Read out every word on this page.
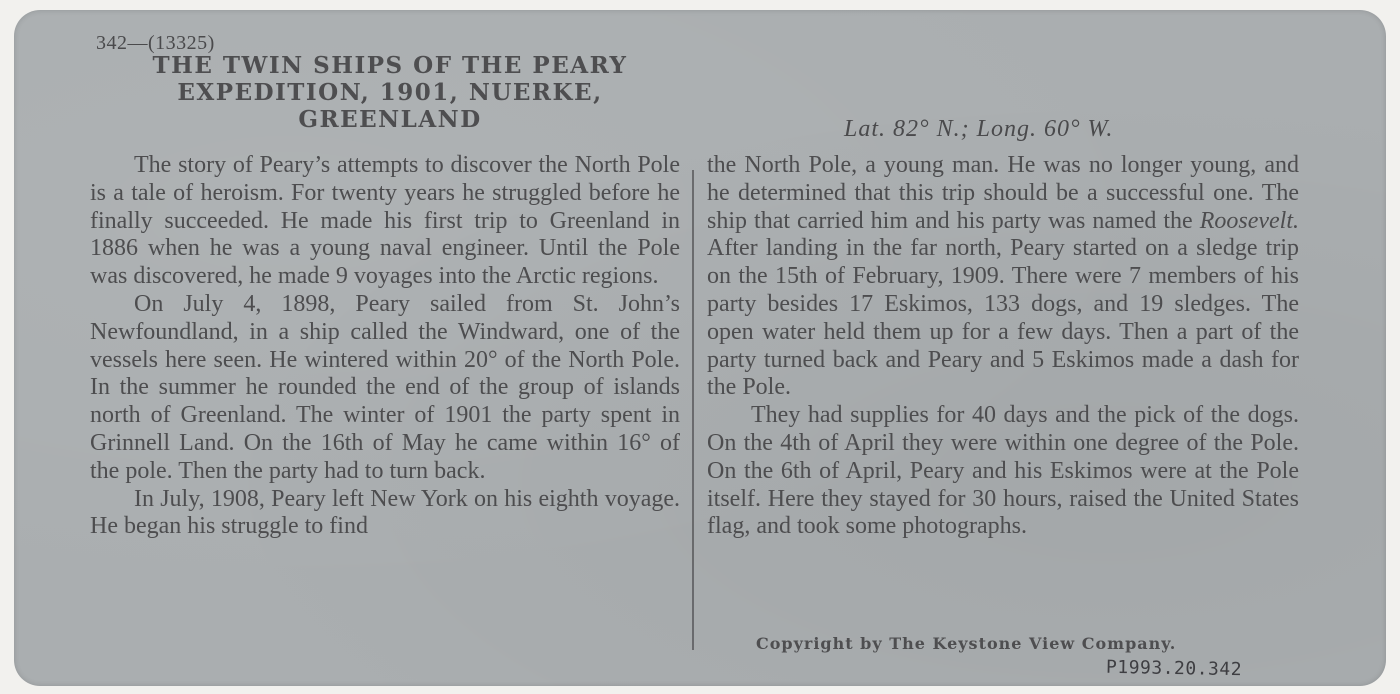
342—(13325)
THE TWIN SHIPS OF THE PEARY
EXPEDITION, 1901, NUERKE,
GREENLAND	Lat. 82° N.; Long. 60° W.

The story of Peary’s attempts to discover the North Pole is a tale of heroism. For twenty years he struggled before he finally succeeded. He made his first trip to Greenland in 1886 when he was a young naval engineer. Until the Pole was discovered, he made 9 voyages into the Arctic regions.

On July 4, 1898, Peary sailed from St. John’s Newfoundland, in a ship called the Windward, one of the vessels here seen. He wintered within 20° of the North Pole. In the summer he rounded the end of the group of islands north of Greenland. The winter of 1901 the party spent in Grinnell Land. On the 16th of May he came within 16° of the pole. Then the party had to turn back.

In July, 1908, Peary left New York on his eighth voyage. He began his struggle to find

the North Pole, a young man. He was no longer young, and he determined that this trip should be a successful one. The ship that carried him and his party was named the Roosevelt. After landing in the far north, Peary started on a sledge trip on the 15th of February, 1909. There were 7 members of his party besides 17 Eskimos, 133 dogs, and 19 sledges. The open water held them up for a few days. Then a part of the party turned back and Peary and 5 Eskimos made a dash for the Pole.

They had supplies for 40 days and the pick of the dogs. On the 4th of April they were within one degree of the Pole. On the 6th of April, Peary and his Eskimos were at the Pole itself. Here they stayed for 30 hours, raised the United States flag, and took some photographs.

Copyright by The Keystone View Company.
P1993.20.342
